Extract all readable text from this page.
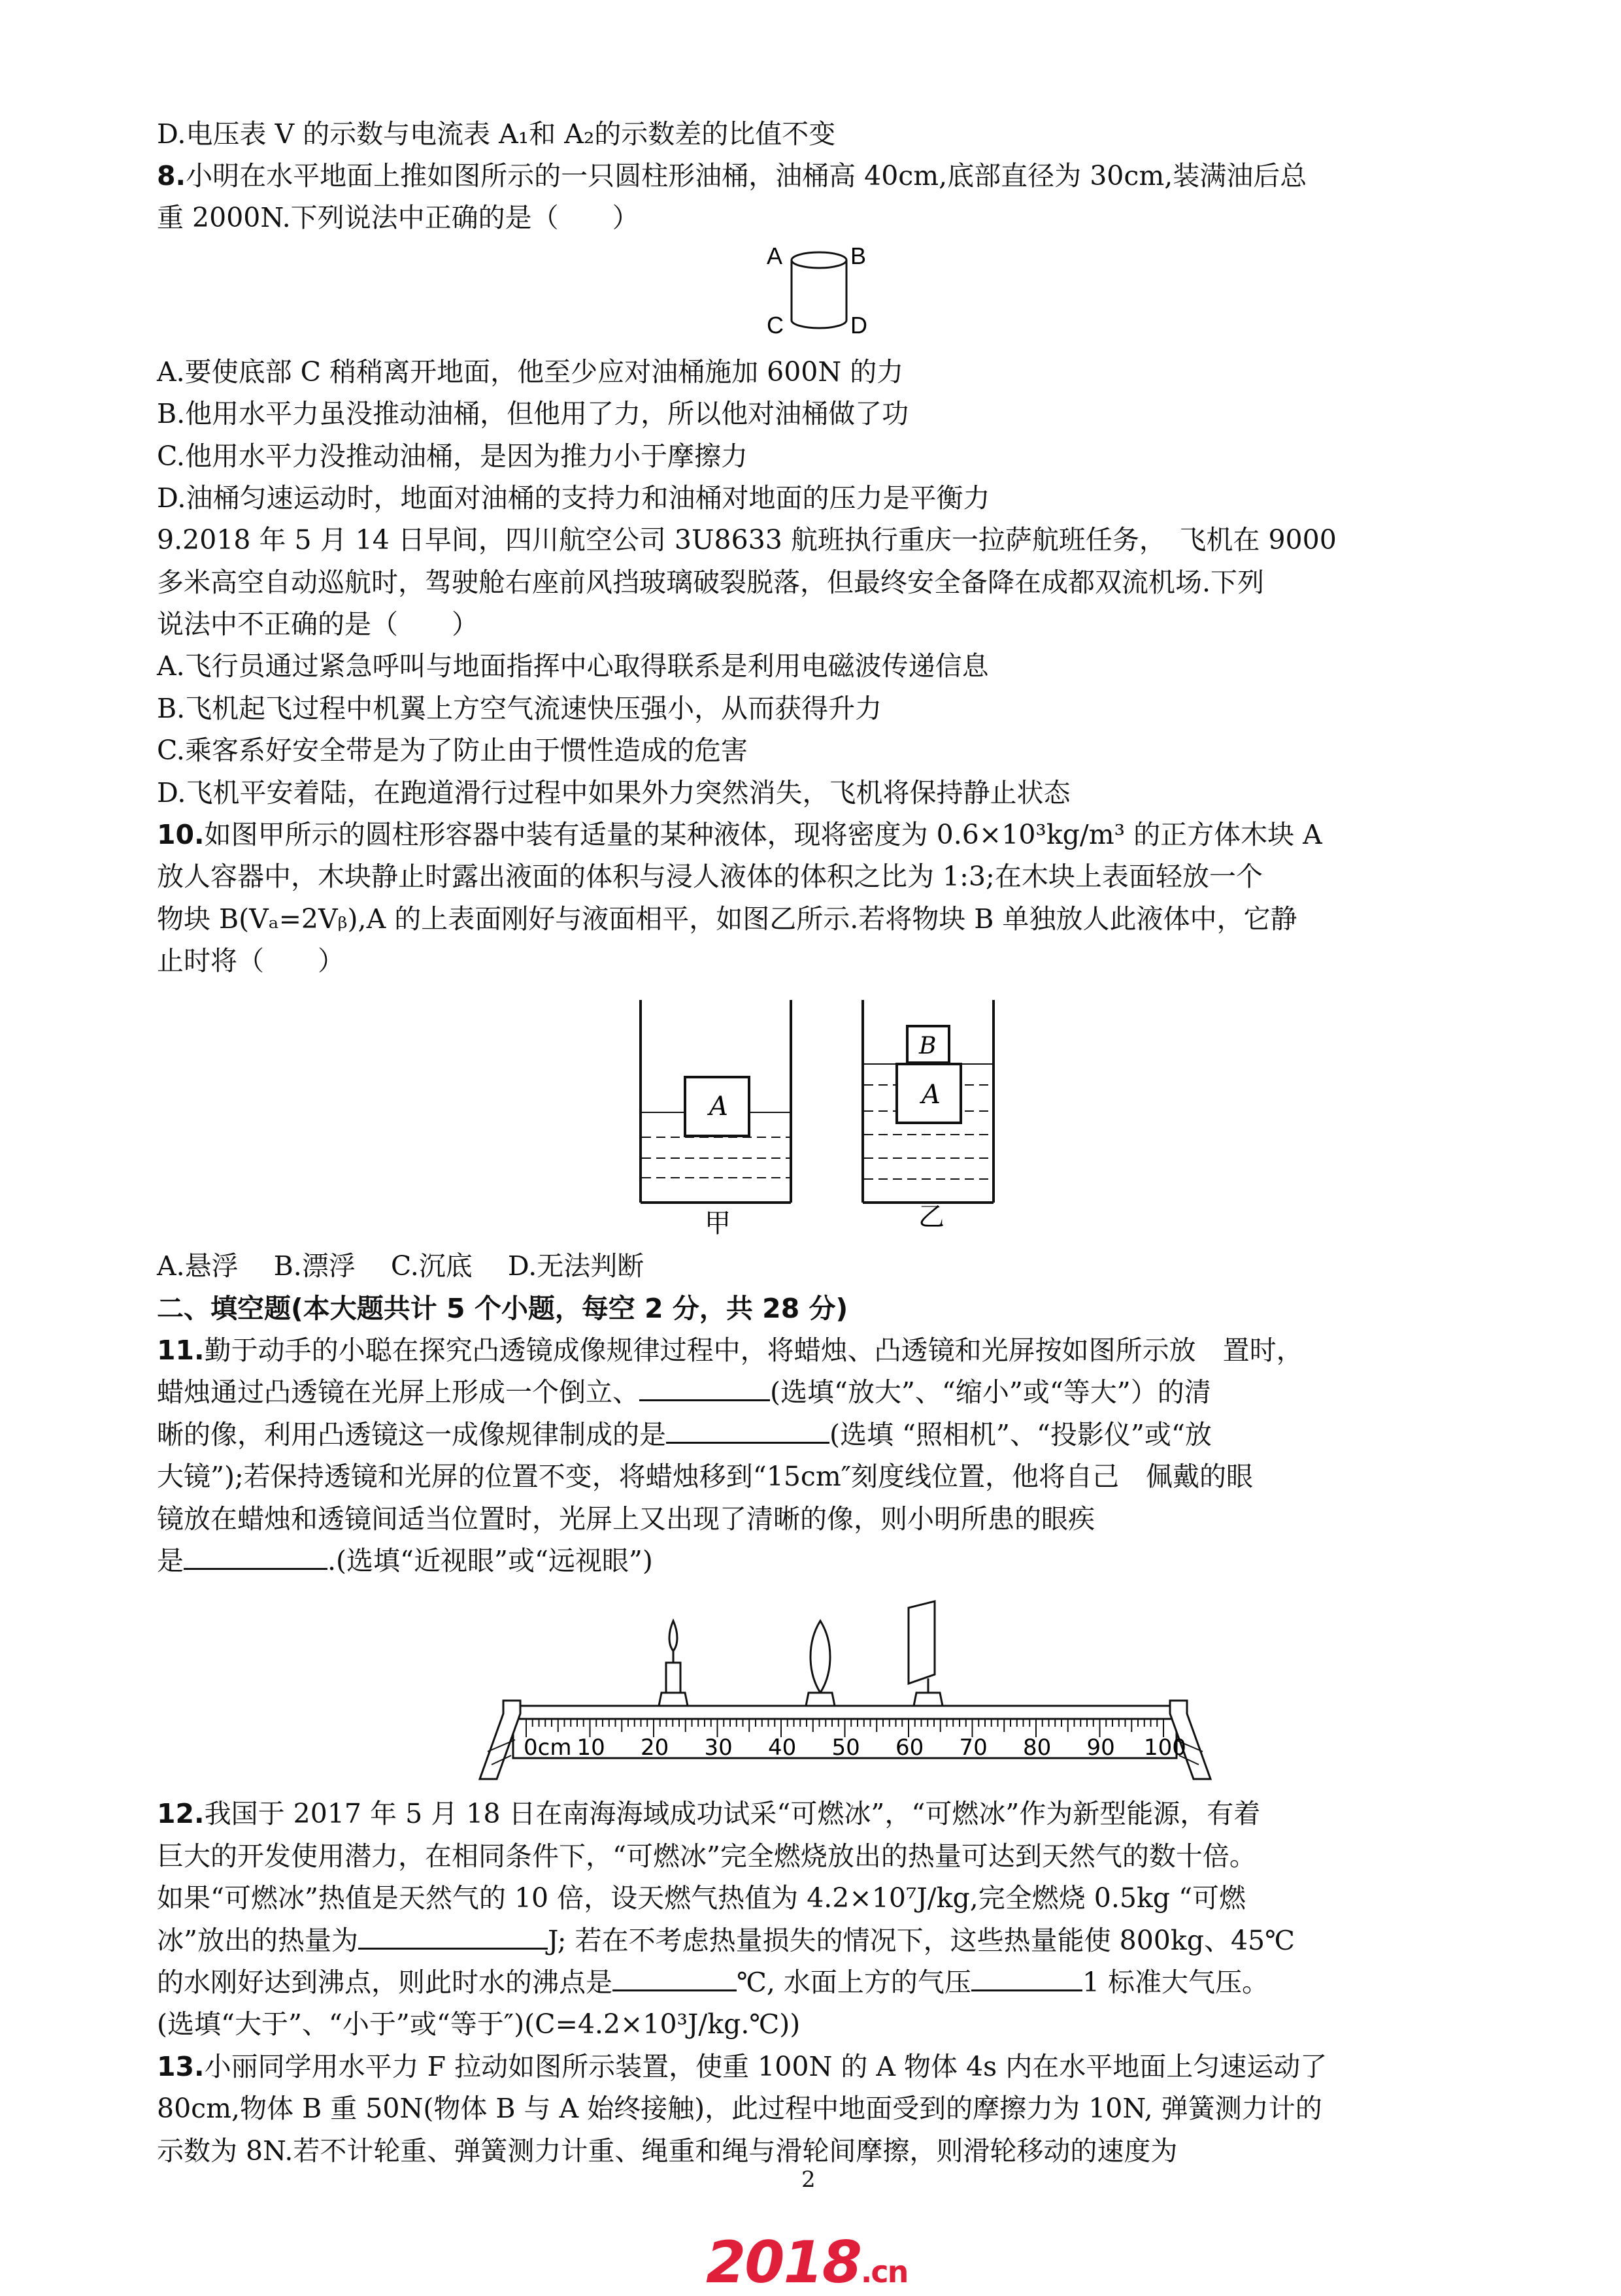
D.电压表 V 的示数与电流表 A₁和 A₂的示数差的比值不变
8.小明在水平地面上推如图所示的一只圆柱形油桶，油桶高 40cm,底部直径为 30cm,装满油后总
重 2000N.下列说法中正确的是（　　）
A	B
C	D
A.要使底部 C 稍稍离开地面，他至少应对油桶施加 600N 的力
B.他用水平力虽没推动油桶，但他用了力，所以他对油桶做了功
C.他用水平力没推动油桶，是因为推力小于摩擦力
D.油桶匀速运动时，地面对油桶的支持力和油桶对地面的压力是平衡力
9.2018 年 5 月 14 日早间，四川航空公司 3U8633 航班执行重庆一拉萨航班任务，　飞机在 9000
多米高空自动巡航时，驾驶舱右座前风挡玻璃破裂脱落，但最终安全备降在成都双流机场.下列
说法中不正确的是（　　）
A.飞行员通过紧急呼叫与地面指挥中心取得联系是利用电磁波传递信息
B.飞机起飞过程中机翼上方空气流速快压强小，从而获得升力
C.乘客系好安全带是为了防止由于惯性造成的危害
D.飞机平安着陆，在跑道滑行过程中如果外力突然消失，飞机将保持静止状态
10.如图甲所示的圆柱形容器中装有适量的某种液体，现将密度为 0.6×10³kg/m³ 的正方体木块 A
放人容器中，木块静止时露出液面的体积与浸人液体的体积之比为 1:3;在木块上表面轻放一个
物块 B(Vₐ=2Vᵦ),A 的上表面刚好与液面相平，如图乙所示.若将物块 B 单独放人此液体中，它静
止时将（　　）
A
甲
A
B
乙
A.悬浮　 B.漂浮　 C.沉底　 D.无法判断
二、填空题(本大题共计 5 个小题，每空 2 分，共 28 分)
11.勤于动手的小聪在探究凸透镜成像规律过程中，将蜡烛、凸透镜和光屏按如图所示放　置时，
蜡烛通过凸透镜在光屏上形成一个倒立、	(选填“放大”、“缩小”或“等大”）的清
晰的像，利用凸透镜这一成像规律制成的是	(选填 “照相机”、“投影仪”或“放
大镜”);若保持透镜和光屏的位置不变，将蜡烛移到“15cm″刻度线位置，他将自己　佩戴的眼
镜放在蜡烛和透镜间适当位置时，光屏上又出现了清晰的像，则小明所患的眼疾
是	.(选填“近视眼”或“远视眼”)
0cm 10 20 30 40 50 60 70 80 90 100
12.我国于 2017 年 5 月 18 日在南海海域成功试采“可燃冰”，“可燃冰”作为新型能源，有着
巨大的开发使用潜力，在相同条件下，“可燃冰”完全燃烧放出的热量可达到天然气的数十倍。
如果“可燃冰”热值是天然气的 10 倍，设天燃气热值为 4.2×10⁷J/kg,完全燃烧 0.5kg “可燃
冰”放出的热量为	J; 若在不考虑热量损失的情况下，这些热量能使 800kg、45℃
的水刚好达到沸点，则此时水的沸点是	℃, 水面上方的气压	1 标准大气压。
(选填“大于”、“小于”或“等于″)(C=4.2×10³J/kg.℃))
13.小丽同学用水平力 F 拉动如图所示装置，使重 100N 的 A 物体 4s 内在水平地面上匀速运动了
80cm,物体 B 重 50N(物体 B 与 A 始终接触)，此过程中地面受到的摩擦力为 10N, 弹簧测力计的
示数为 8N.若不计轮重、弹簧测力计重、绳重和绳与滑轮间摩擦，则滑轮移动的速度为
2
2018.cn
